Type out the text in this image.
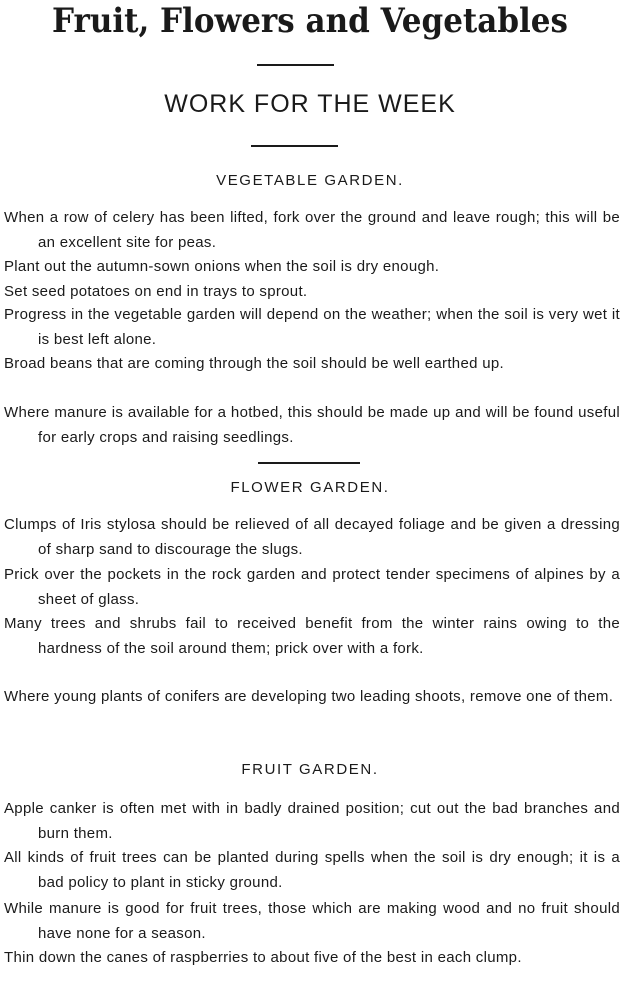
Fruit, Flowers and Vegetables
WORK FOR THE WEEK
VEGETABLE GARDEN.
When a row of celery has been lifted, fork over the ground and leave rough; this will be an excellent site for peas.
Plant out the autumn-sown onions when the soil is dry enough.
Set seed potatoes on end in trays to sprout.
Progress in the vegetable garden will depend on the weather; when the soil is very wet it is best left alone.
Broad beans that are coming through the soil should be well earthed up.
Where manure is available for a hotbed, this should be made up and will be found useful for early crops and raising seedlings.
FLOWER GARDEN.
Clumps of Iris stylosa should be relieved of all decayed foliage and be given a dressing of sharp sand to discourage the slugs.
Prick over the pockets in the rock garden and protect tender specimens of alpines by a sheet of glass.
Many trees and shrubs fail to received benefit from the winter rains owing to the hardness of the soil around them; prick over with a fork.
Where young plants of conifers are developing two leading shoots, remove one of them.
FRUIT GARDEN.
Apple canker is often met with in badly drained position; cut out the bad branches and burn them.
All kinds of fruit trees can be planted during spells when the soil is dry enough; it is a bad policy to plant in sticky ground.
While manure is good for fruit trees, those which are making wood and no fruit should have none for a season.
Thin down the canes of raspberries to about five of the best in each clump.
